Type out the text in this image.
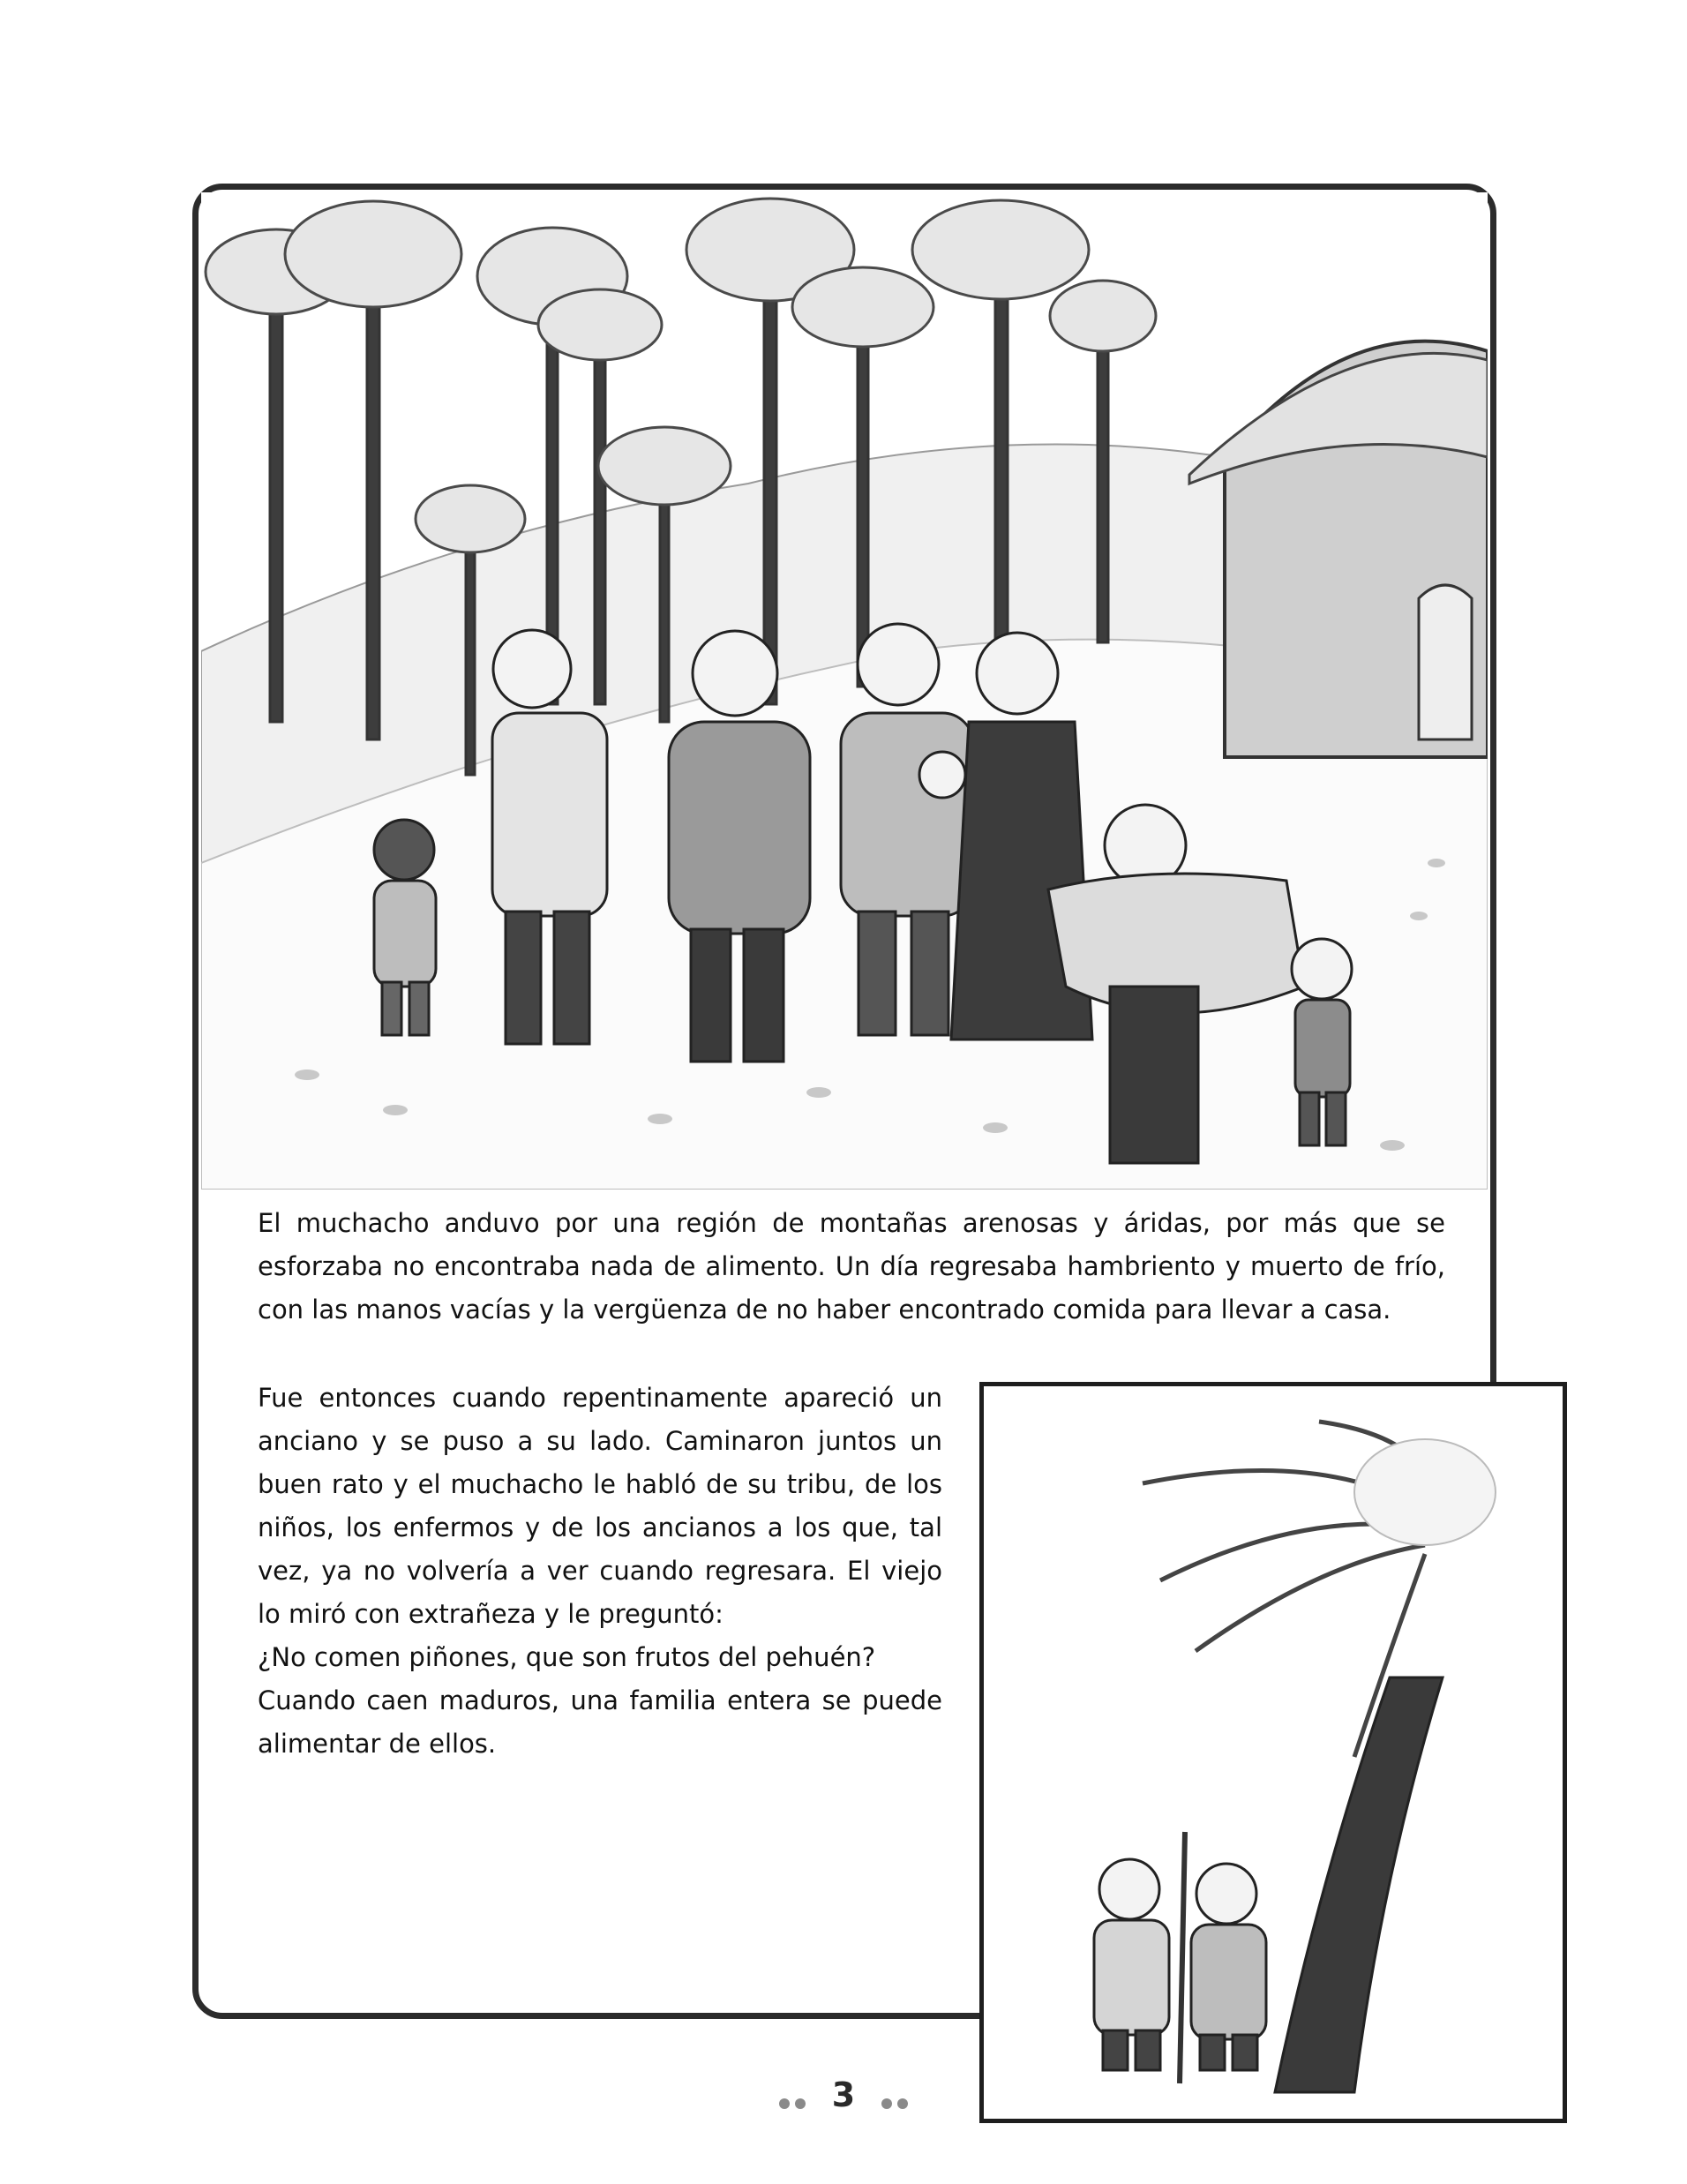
El muchacho anduvo por una región de montañas arenosas y áridas, por más que se esforzaba no encontraba nada de alimento. Un día regresaba hambriento y muerto de frío, con las manos vacías y la vergüenza de no haber encontrado comida para llevar a casa.

Fue entonces cuando repentinamente apareció un anciano y se puso a su lado. Caminaron juntos un buen rato y el muchacho le habló de su tribu, de los niños, los enfermos y de los ancianos a los que, tal vez, ya no volvería a ver cuando regresara. El viejo lo miró con extrañeza y le preguntó:
¿No comen piñones, que son frutos del pehuén?
Cuando caen maduros, una familia entera se puede alimentar de ellos.

3
